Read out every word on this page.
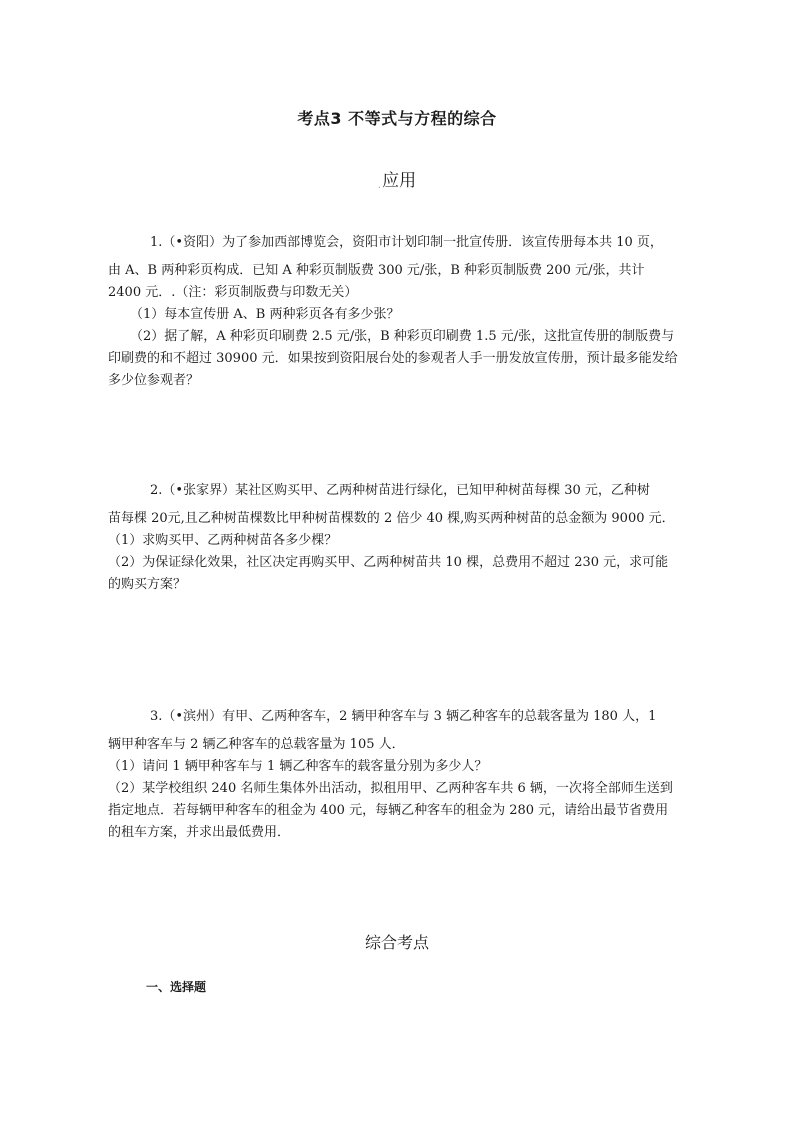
考点3 不等式与方程的综合
.应用

1.（•资阳）为了参加西部博览会，资阳市计划印制一批宣传册．该宣传册每本共 10 页，

由 A、B 两种彩页构成．已知 A 种彩页制版费 300 元/张，B 种彩页制版费 200 元/张，共计 2400 元．.（注：彩页制版费与印数无关）

（1）每本宣传册 A、B 两种彩页各有多少张？

（2）据了解，A 种彩页印刷费 2.5 元/张，B 种彩页印刷费 1.5 元/张，这批宣传册的制版费与印刷费的和不超过 30900 元．如果按到资阳展台处的参观者人手一册发放宣传册，预计最多能发给多少位参观者？

2.（•张家界）某社区购买甲、乙两种树苗进行绿化，已知甲种树苗每棵 30 元，乙种树

苗每棵 20元,且乙种树苗棵数比甲种树苗棵数的 2 倍少 40 棵,购买两种树苗的总金额为 9000 元．

（1）求购买甲、乙两种树苗各多少棵？

（2）为保证绿化效果，社区决定再购买甲、乙两种树苗共 10 棵，总费用不超过 230 元，求可能的购买方案？

3.（•滨州）有甲、乙两种客车，2 辆甲种客车与 3 辆乙种客车的总载客量为 180 人，1

辆甲种客车与 2 辆乙种客车的总载客量为 105 人．

（1）请问 1 辆甲种客车与 1 辆乙种客车的载客量分别为多少人？

（2）某学校组织 240 名师生集体外出活动，拟租用甲、乙两种客车共 6 辆，一次将全部师生送到指定地点．若每辆甲种客车的租金为 400 元，每辆乙种客车的租金为 280 元，请给出最节省费用的租车方案，并求出最低费用．

综合考点
一、选择题
